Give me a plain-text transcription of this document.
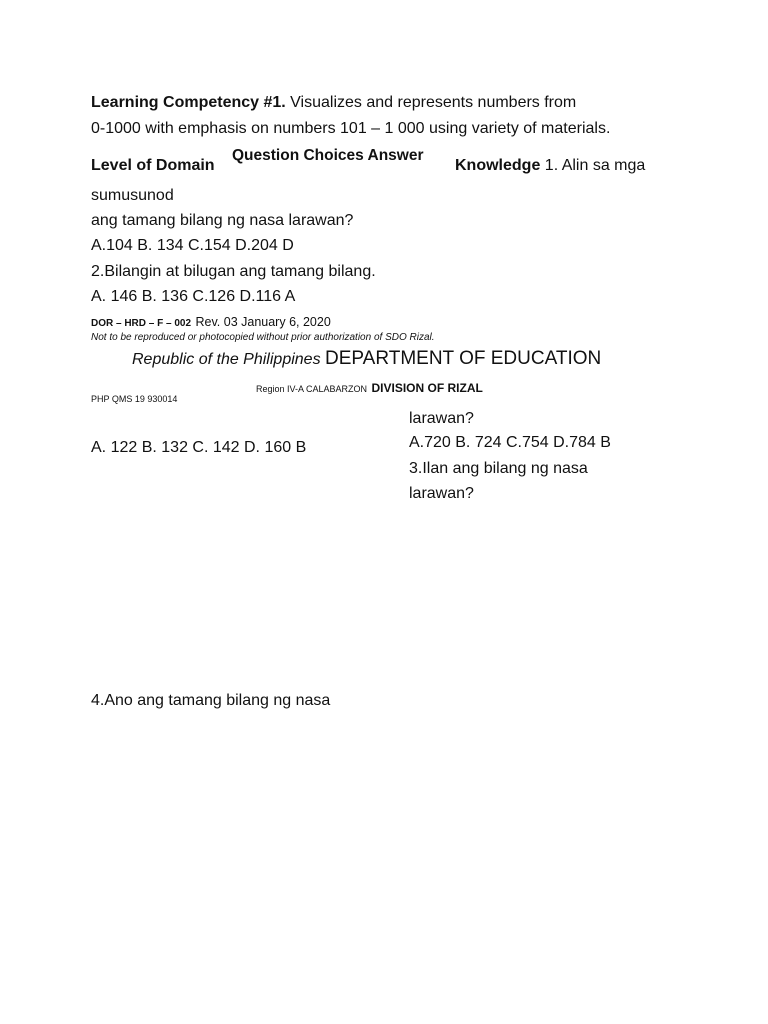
Learning Competency #1. Visualizes and represents numbers from
0-1000 with emphasis on numbers 101 – 1 000 using variety of materials.
Level of Domain
Question Choices Answer
Knowledge 1. Alin sa mga
sumusunod
ang tamang bilang ng nasa larawan?
A.104 B. 134 C.154 D.204 D
2.Bilangin at bilugan ang tamang bilang.
A. 146 B. 136 C.126 D.116 A
DOR – HRD – F – 002 Rev. 03 January 6, 2020
Not to be reproduced or photocopied without prior authorization of SDO Rizal.
Republic of the Philippines DEPARTMENT OF EDUCATION
Region IV-A CALABARZON DIVISION OF RIZAL
PHP QMS 19 930014
larawan?
A.720 B. 724 C.754 D.784 B
A. 122 B. 132 C. 142 D. 160 B
3.Ilan ang bilang ng nasa
larawan?
4.Ano ang tamang bilang ng nasa
